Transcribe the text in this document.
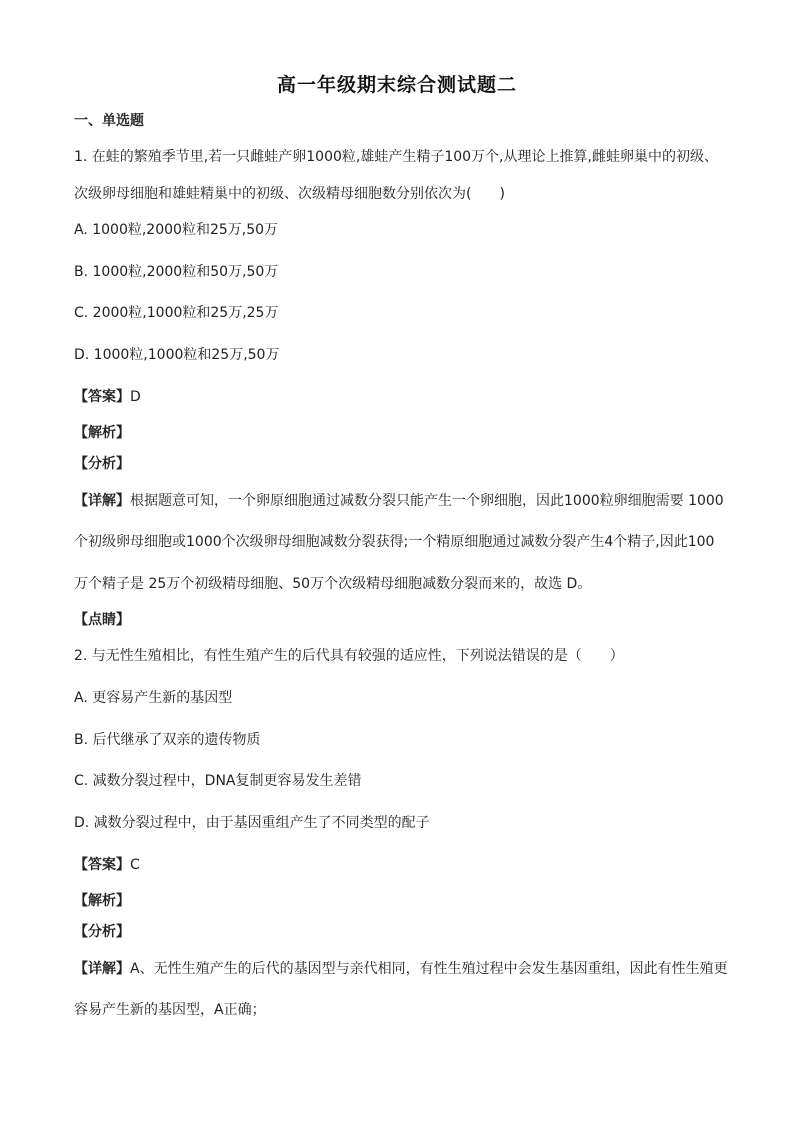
高一年级期末综合测试题二
一、单选题
1. 在蛙的繁殖季节里,若一只雌蛙产卵1000粒,雄蛙产生精子100万个,从理论上推算,雌蛙卵巢中的初级、
次级卵母细胞和雄蛙精巢中的初级、次级精母细胞数分别依次为(　　)
A. 1000粒,2000粒和25万,50万
B. 1000粒,2000粒和50万,50万
C. 2000粒,1000粒和25万,25万
D. 1000粒,1000粒和25万,50万
【答案】D
【解析】
【分析】
【详解】根据题意可知，一个卵原细胞通过减数分裂只能产生一个卵细胞，因此1000粒卵细胞需要 1000
个初级卵母细胞或1000个次级卵母细胞减数分裂获得;一个精原细胞通过减数分裂产生4个精子,因此100
万个精子是 25万个初级精母细胞、50万个次级精母细胞减数分裂而来的，故选 D。
【点睛】
2. 与无性生殖相比，有性生殖产生的后代具有较强的适应性，下列说法错误的是（　　）
A. 更容易产生新的基因型
B. 后代继承了双亲的遗传物质
C. 减数分裂过程中，DNA复制更容易发生差错
D. 减数分裂过程中，由于基因重组产生了不同类型的配子
【答案】C
【解析】
【分析】
【详解】A、无性生殖产生的后代的基因型与亲代相同，有性生殖过程中会发生基因重组，因此有性生殖更
容易产生新的基因型，A正确；
